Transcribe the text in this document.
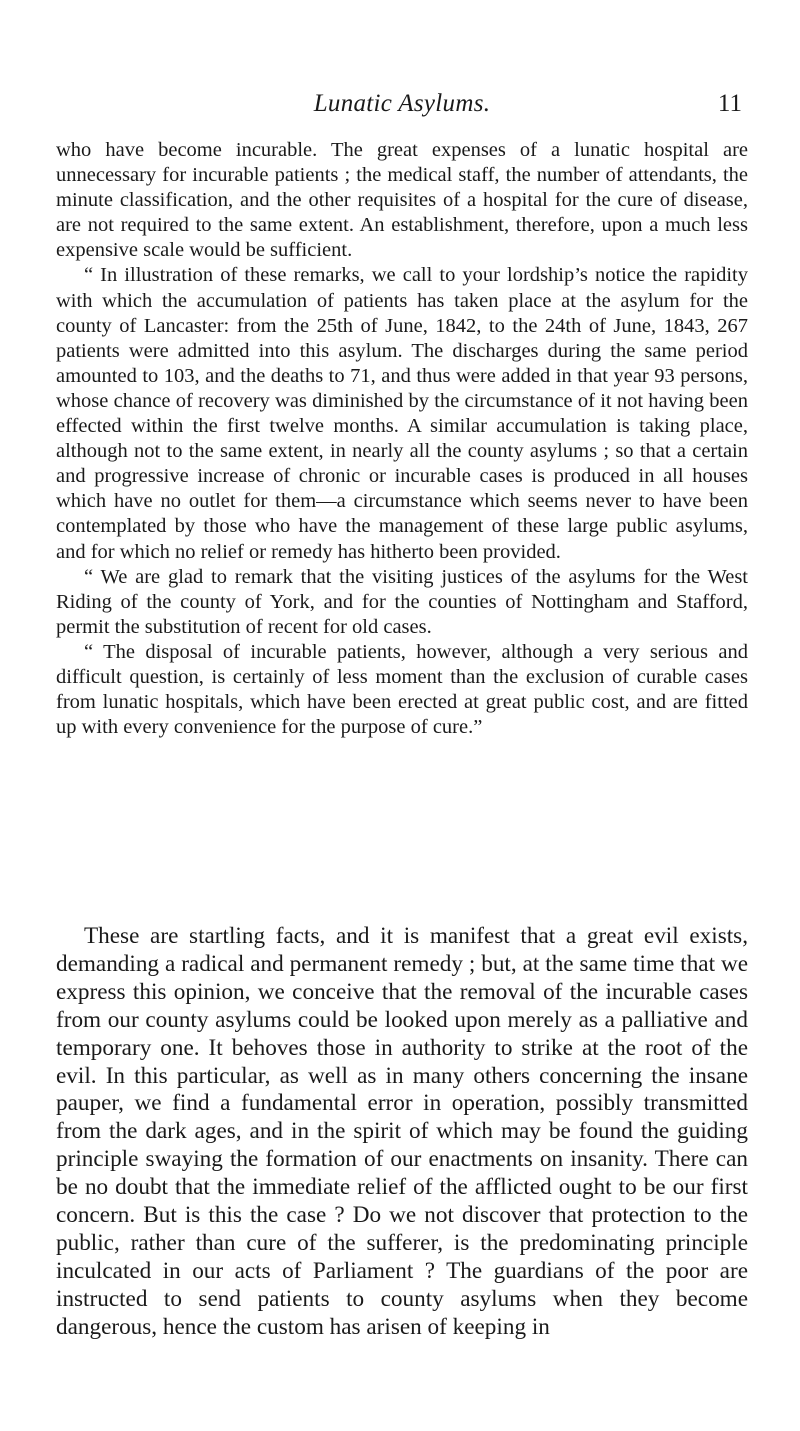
Lunatic Asylums.	11

who have become incurable. The great expenses of a lunatic hospital are unnecessary for incurable patients ; the medical staff, the number of attendants, the minute classification, and the other requisites of a hospital for the cure of disease, are not required to the same extent. An establishment, therefore, upon a much less expensive scale would be sufficient.

“ In illustration of these remarks, we call to your lordship’s notice the rapidity with which the accumulation of patients has taken place at the asylum for the county of Lancaster: from the 25th of June, 1842, to the 24th of June, 1843, 267 patients were admitted into this asylum. The discharges during the same period amounted to 103, and the deaths to 71, and thus were added in that year 93 persons, whose chance of recovery was diminished by the circumstance of it not having been effected within the first twelve months. A similar accumulation is taking place, although not to the same extent, in nearly all the county asylums ; so that a certain and progressive increase of chronic or incurable cases is produced in all houses which have no outlet for them—a circumstance which seems never to have been contemplated by those who have the management of these large public asylums, and for which no relief or remedy has hitherto been provided.

“ We are glad to remark that the visiting justices of the asylums for the West Riding of the county of York, and for the counties of Nottingham and Stafford, permit the substitution of recent for old cases.

“ The disposal of incurable patients, however, although a very serious and difficult question, is certainly of less moment than the exclusion of curable cases from lunatic hospitals, which have been erected at great public cost, and are fitted up with every convenience for the purpose of cure.”

These are startling facts, and it is manifest that a great evil exists, demanding a radical and permanent remedy ; but, at the same time that we express this opinion, we conceive that the removal of the incurable cases from our county asylums could be looked upon merely as a palliative and temporary one. It behoves those in authority to strike at the root of the evil. In this particular, as well as in many others concerning the insane pauper, we find a fundamental error in operation, possibly transmitted from the dark ages, and in the spirit of which may be found the guiding principle swaying the formation of our enactments on insanity. There can be no doubt that the immediate relief of the afflicted ought to be our first concern. But is this the case ? Do we not discover that protection to the public, rather than cure of the sufferer, is the predominating principle inculcated in our acts of Parliament ? The guardians of the poor are instructed to send patients to county asylums when they become dangerous, hence the custom has arisen of keeping in
